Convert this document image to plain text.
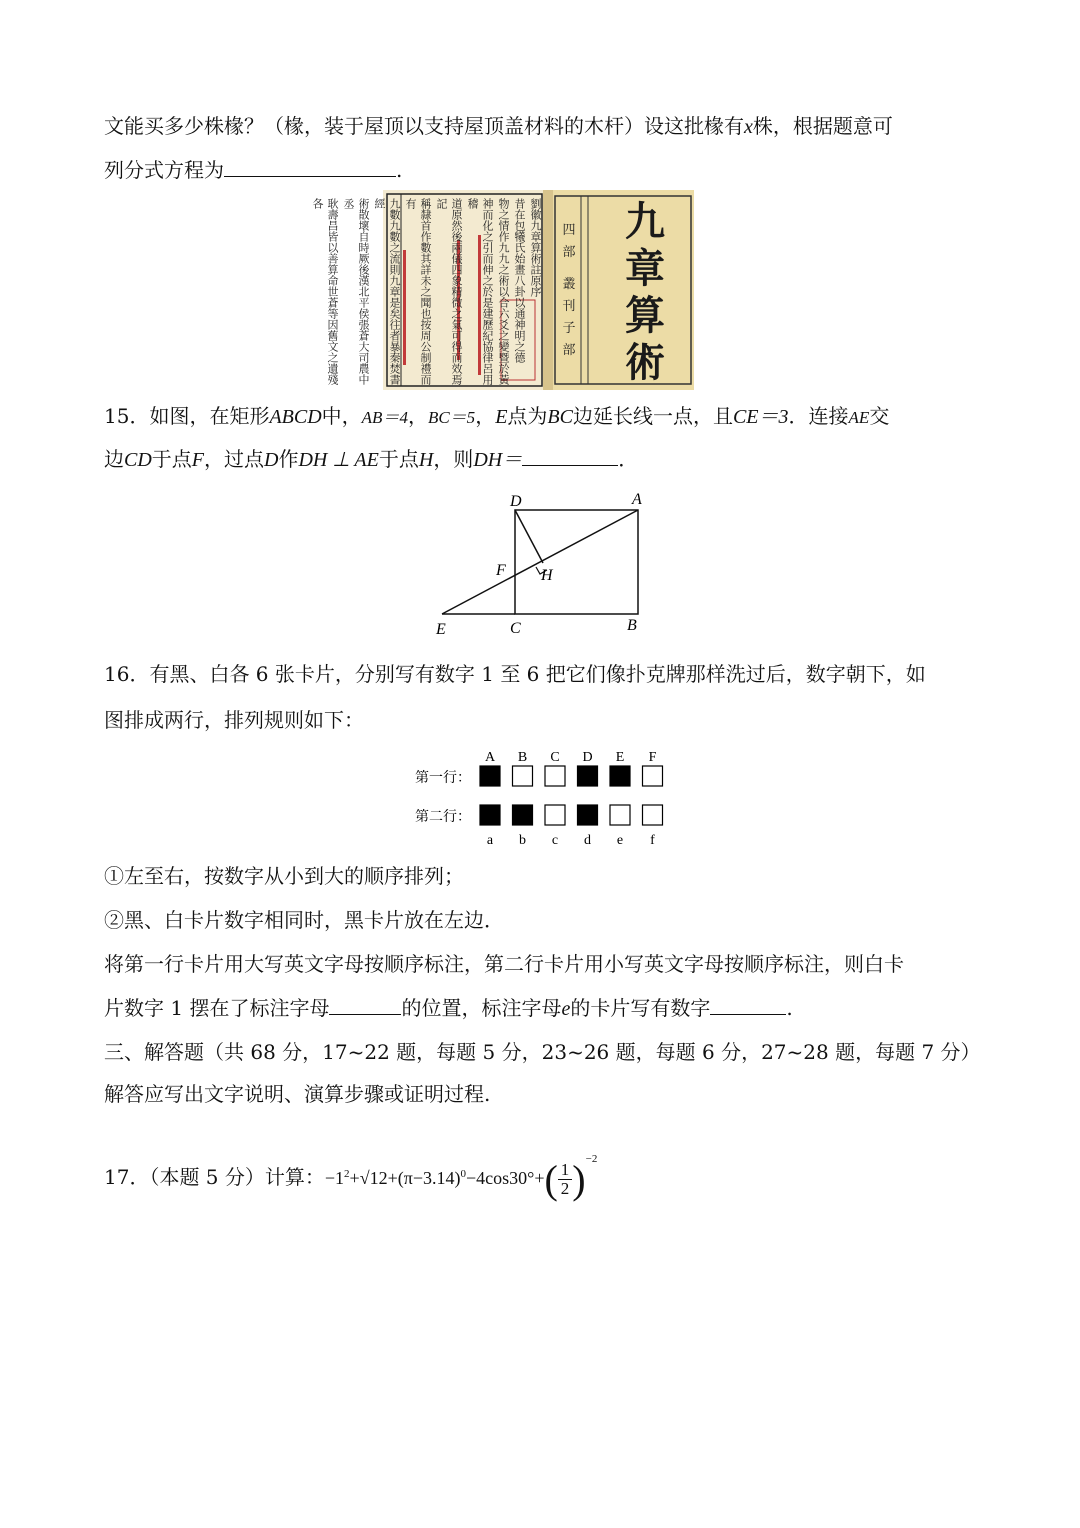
文能买多少株椽？（椽，装于屋顶以支持屋顶盖材料的木杆）设这批椽有x株，根据题意可
列分式方程为	.
劉徽九章算術註原序
昔在包犧氏始畫八卦以通神明之德
物之情作九九之術以合六爻之變暨於黃
神而化之引而伸之於是建歷紀協律呂用稽
道原然後兩儀四象精微之氣可得而效焉記
稱隸首作數其詳未之聞也按周公制禮而有
九數九數之流則九章是矣往者暴秦焚書經
術散壞自時厥後漢北平侯張蒼大司農中丞
耿壽昌皆以善算命世蒼等因舊文之遺殘各
四
部
叢
刊
子
部
九
章
算
術
15．如图，在矩形ABCD中，AB＝4，BC＝5，E点为BC边延长线一点，且CE＝3．连接AE交
边CD于点F，过点D作DH ⊥ AE于点H，则DH＝	．
D	A
F H
E	C	B
16．有黑、白各 6 张卡片，分别写有数字 1 至 6 把它们像扑克牌那样洗过后，数字朝下，如
图排成两行，排列规则如下：
第一行：
第二行：
A B C D E F
a b c d e f
①左至右，按数字从小到大的顺序排列；
②黑、白卡片数字相同时，黑卡片放在左边．
将第一行卡片用大写英文字母按顺序标注，第二行卡片用小写英文字母按顺序标注，则白卡
片数字 1 摆在了标注字母	的位置，标注字母e的卡片写有数字	.
三、解答题（共 68 分，17~22 题，每题 5 分，23~26 题，每题 6 分，27~28 题，每题 7 分）
解答应写出文字说明、演算步骤或证明过程.
17．（本题 5 分）计算：$-1^2+√12+(\pi-3.14)^0-4\cos 30^\circ+( \frac{1}{2} )^{-2}$
